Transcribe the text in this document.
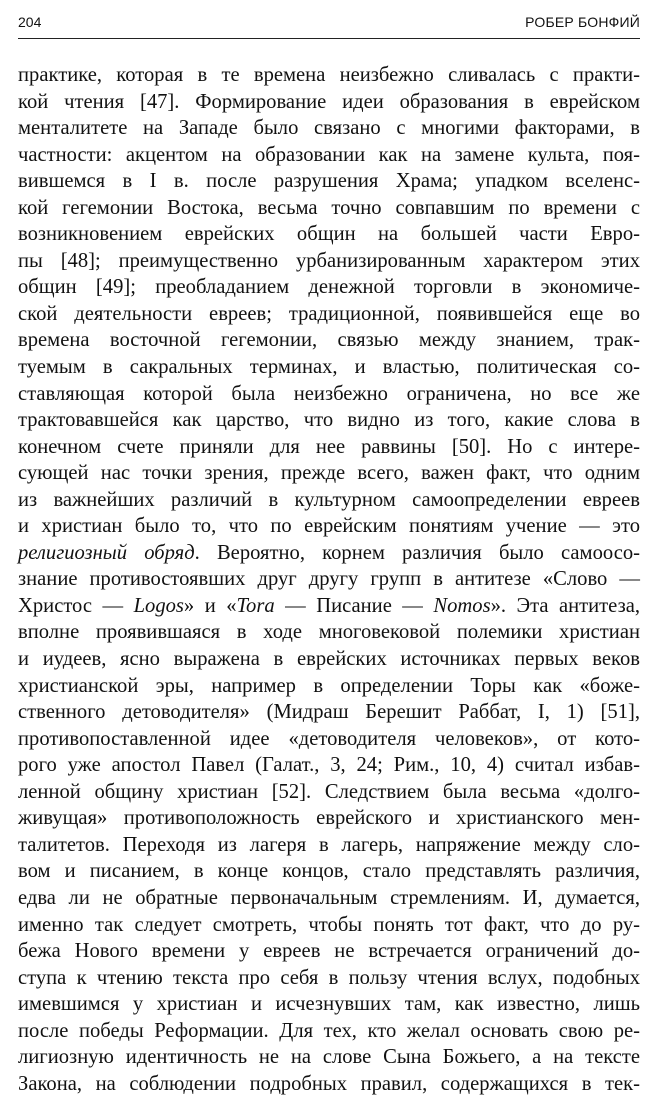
204	РОБЕР БОНФИЙ
практике, которая в те времена неизбежно сливалась с практи-
кой чтения [47]. Формирование идеи образования в еврейском
менталитете на Западе было связано с многими факторами, в
частности: акцентом на образовании как на замене культа, поя-
вившемся в I в. после разрушения Храма; упадком вселенс-
кой гегемонии Востока, весьма точно совпавшим по времени с
возникновением еврейских общин на большей части Евро-
пы [48]; преимущественно урбанизированным характером этих
общин [49]; преобладанием денежной торговли в экономиче-
ской деятельности евреев; традиционной, появившейся еще во
времена восточной гегемонии, связью между знанием, трак-
туемым в сакральных терминах, и властью, политическая со-
ставляющая которой была неизбежно ограничена, но все же
трактовавшейся как царство, что видно из того, какие слова в
конечном счете приняли для нее раввины [50]. Но с интере-
сующей нас точки зрения, прежде всего, важен факт, что одним
из важнейших различий в культурном самоопределении евреев
и христиан было то, что по еврейским понятиям учение — это
религиозный обряд. Вероятно, корнем различия было самоосо-
знание противостоявших друг другу групп в антитезе «Слово —
Христос — Logos» и «Tora — Писание — Nomos». Эта антитеза,
вполне проявившаяся в ходе многовековой полемики христиан
и иудеев, ясно выражена в еврейских источниках первых веков
христианской эры, например в определении Торы как «боже-
ственного детоводителя» (Мидраш Берешит Раббат, I, 1) [51],
противопоставленной идее «детоводителя человеков», от кото-
рого уже апостол Павел (Галат., 3, 24; Рим., 10, 4) считал избав-
ленной общину христиан [52]. Следствием была весьма «долго-
живущая» противоположность еврейского и христианского мен-
талитетов. Переходя из лагеря в лагерь, напряжение между сло-
вом и писанием, в конце концов, стало представлять различия,
едва ли не обратные первоначальным стремлениям. И, думается,
именно так следует смотреть, чтобы понять тот факт, что до ру-
бежа Нового времени у евреев не встречается ограничений до-
ступа к чтению текста про себя в пользу чтения вслух, подобных
имевшимся у христиан и исчезнувших там, как известно, лишь
после победы Реформации. Для тех, кто желал основать свою ре-
лигиозную идентичность не на слове Сына Божьего, а на тексте
Закона, на соблюдении подробных правил, содержащихся в тек-
